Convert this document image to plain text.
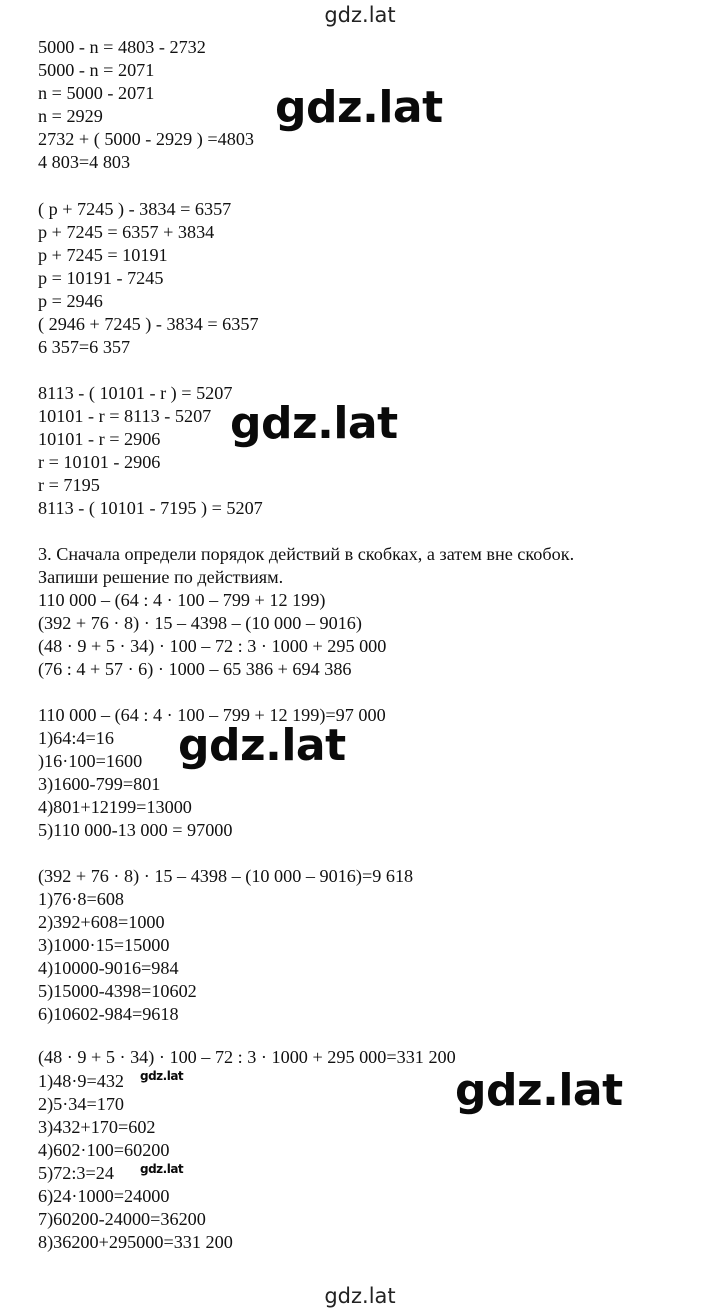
gdz.lat
5000 - n = 4803 - 2732
5000 - n = 2071
n = 5000 - 2071
n = 2929
2732 + ( 5000 - 2929 ) =4803
4 803=4 803
( p + 7245 ) - 3834 = 6357
p + 7245 = 6357 + 3834
p + 7245 = 10191
p = 10191 - 7245
p = 2946
( 2946 + 7245 ) - 3834 = 6357
6 357=6 357
8113 - ( 10101 - r ) = 5207
10101 - r = 8113 - 5207
10101 - r = 2906
r = 10101 - 2906
r = 7195
8113 - ( 10101 - 7195 ) = 5207
3. Сначала определи порядок действий в скобках, а затем вне скобок.
Запиши решение по действиям.
110 000 – (64 : 4 · 100 – 799 + 12 199)
(392 + 76 · 8) · 15 – 4398 – (10 000 – 9016)
(48 · 9 + 5 · 34) · 100 – 72 : 3 · 1000 + 295 000
(76 : 4 + 57 · 6) · 1000 – 65 386 + 694 386
110 000 – (64 : 4 · 100 – 799 + 12 199)=97 000
1)64:4=16
)16·100=1600
3)1600-799=801
4)801+12199=13000
5)110 000-13 000 = 97000
(392 + 76 · 8) · 15 – 4398 – (10 000 – 9016)=9 618
1)76·8=608
2)392+608=1000
3)1000·15=15000
4)10000-9016=984
5)15000-4398=10602
6)10602-984=9618
(48 · 9 + 5 · 34) · 100 – 72 : 3 · 1000 + 295 000=331 200
1)48·9=432
2)5·34=170
3)432+170=602
4)602·100=60200
5)72:3=24
6)24·1000=24000
7)60200-24000=36200
8)36200+295000=331 200
gdz.lat
gdz.lat
gdz.lat
gdz.lat
gdz.lat
gdz.lat
gdz.lat
